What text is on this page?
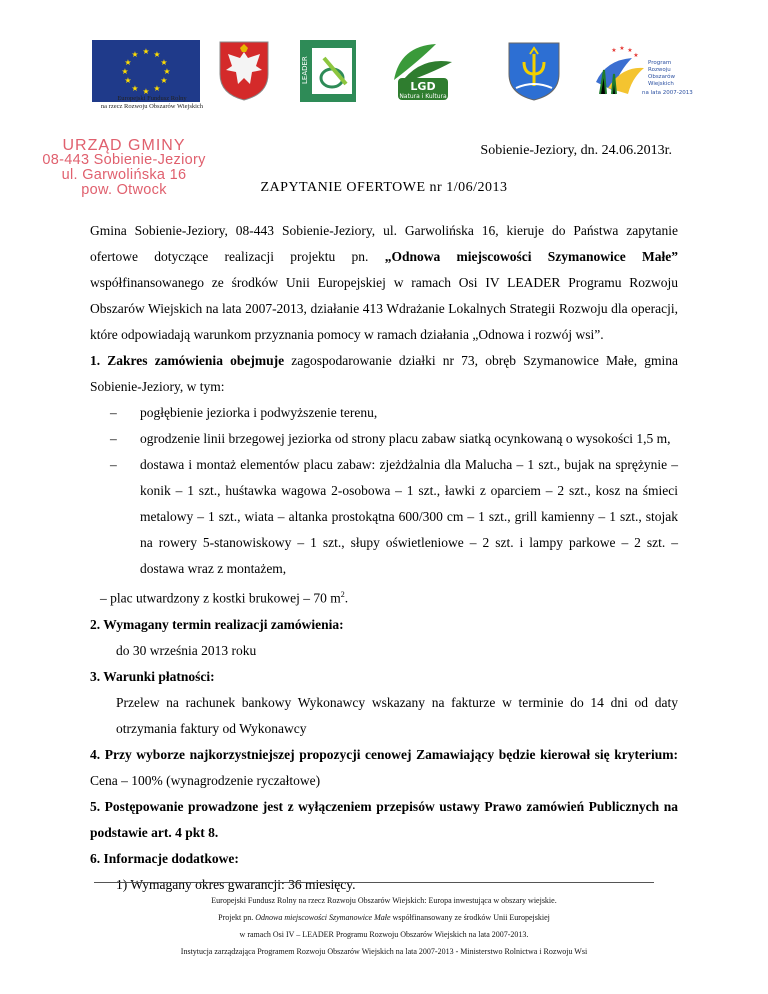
★ ★
★
★
★
★
★
★
★
★
★
★
Europejski Fundusz Rolny
na rzecz Rozwoju Obszarów Wiejskich
LEADER
LGD
Natura i Kultura
★ ★ ★
★
Program
Rozwoju
Obszarów
Wiejskich
na lata 2007-2013
URZĄD GMINY
08-443 Sobienie-Jeziory
ul. Garwolińska 16
pow. Otwock
Sobienie-Jeziory, dn. 24.06.2013r.
ZAPYTANIE OFERTOWE nr 1/06/2013

Gmina Sobienie-Jeziory, 08-443 Sobienie-Jeziory, ul. Garwolińska 16, kieruje do Państwa zapytanie ofertowe dotyczące realizacji projektu pn. „Odnowa miejscowości Szymanowice Małe” współfinansowanego ze środków Unii Europejskiej w ramach Osi IV LEADER Programu Rozwoju Obszarów Wiejskich na lata 2007-2013, działanie 413 Wdrażanie Lokalnych Strategii Rozwoju dla operacji, które odpowiadają warunkom przyznania pomocy w ramach działania „Odnowa i rozwój wsi”.

1. Zakres zamówienia obejmuje zagospodarowanie działki nr 73, obręb Szymanowice Małe, gmina Sobienie-Jeziory, w tym:

– pogłębienie jeziorka i podwyższenie terenu,
– ogrodzenie linii brzegowej jeziorka od strony placu zabaw siatką ocynkowaną o wysokości 1,5 m,
– dostawa i montaż elementów placu zabaw: zjeżdżalnia dla Malucha – 1 szt., bujak na sprężynie – konik – 1 szt., huśtawka wagowa 2-osobowa – 1 szt., ławki z oparciem – 2 szt., kosz na śmieci metalowy – 1 szt., wiata – altanka prostokątna 600/300 cm – 1 szt., grill kamienny – 1 szt., stojak na rowery 5-stanowiskowy – 1 szt., słupy oświetleniowe – 2 szt. i lampy parkowe – 2 szt. – dostawa wraz z montażem,
– plac utwardzony z kostki brukowej – 70 $m^2$.

2. Wymagany termin realizacji zamówienia:

do 30 września 2013 roku

3. Warunki płatności:

Przelew na rachunek bankowy Wykonawcy wskazany na fakturze w terminie do 14 dni od daty otrzymania faktury od Wykonawcy

4. Przy wyborze najkorzystniejszej propozycji cenowej Zamawiający będzie kierował się kryterium: Cena – 100% (wynagrodzenie ryczałtowe)

5. Postępowanie prowadzone jest z wyłączeniem przepisów ustawy Prawo zamówień Publicznych na podstawie art. 4 pkt 8.

6. Informacje dodatkowe:

1) Wymagany okres gwarancji: 36 miesięcy.

Europejski Fundusz Rolny na rzecz Rozwoju Obszarów Wiejskich: Europa inwestująca w obszary wiejskie.
Projekt pn. Odnowa miejscowości Szymanowice Małe współfinansowany ze środków Unii Europejskiej
w ramach Osi IV – LEADER Programu Rozwoju Obszarów Wiejskich na lata 2007-2013.
Instytucja zarządzająca Programem Rozwoju Obszarów Wiejskich na lata 2007-2013 - Ministerstwo Rolnictwa i Rozwoju Wsi
